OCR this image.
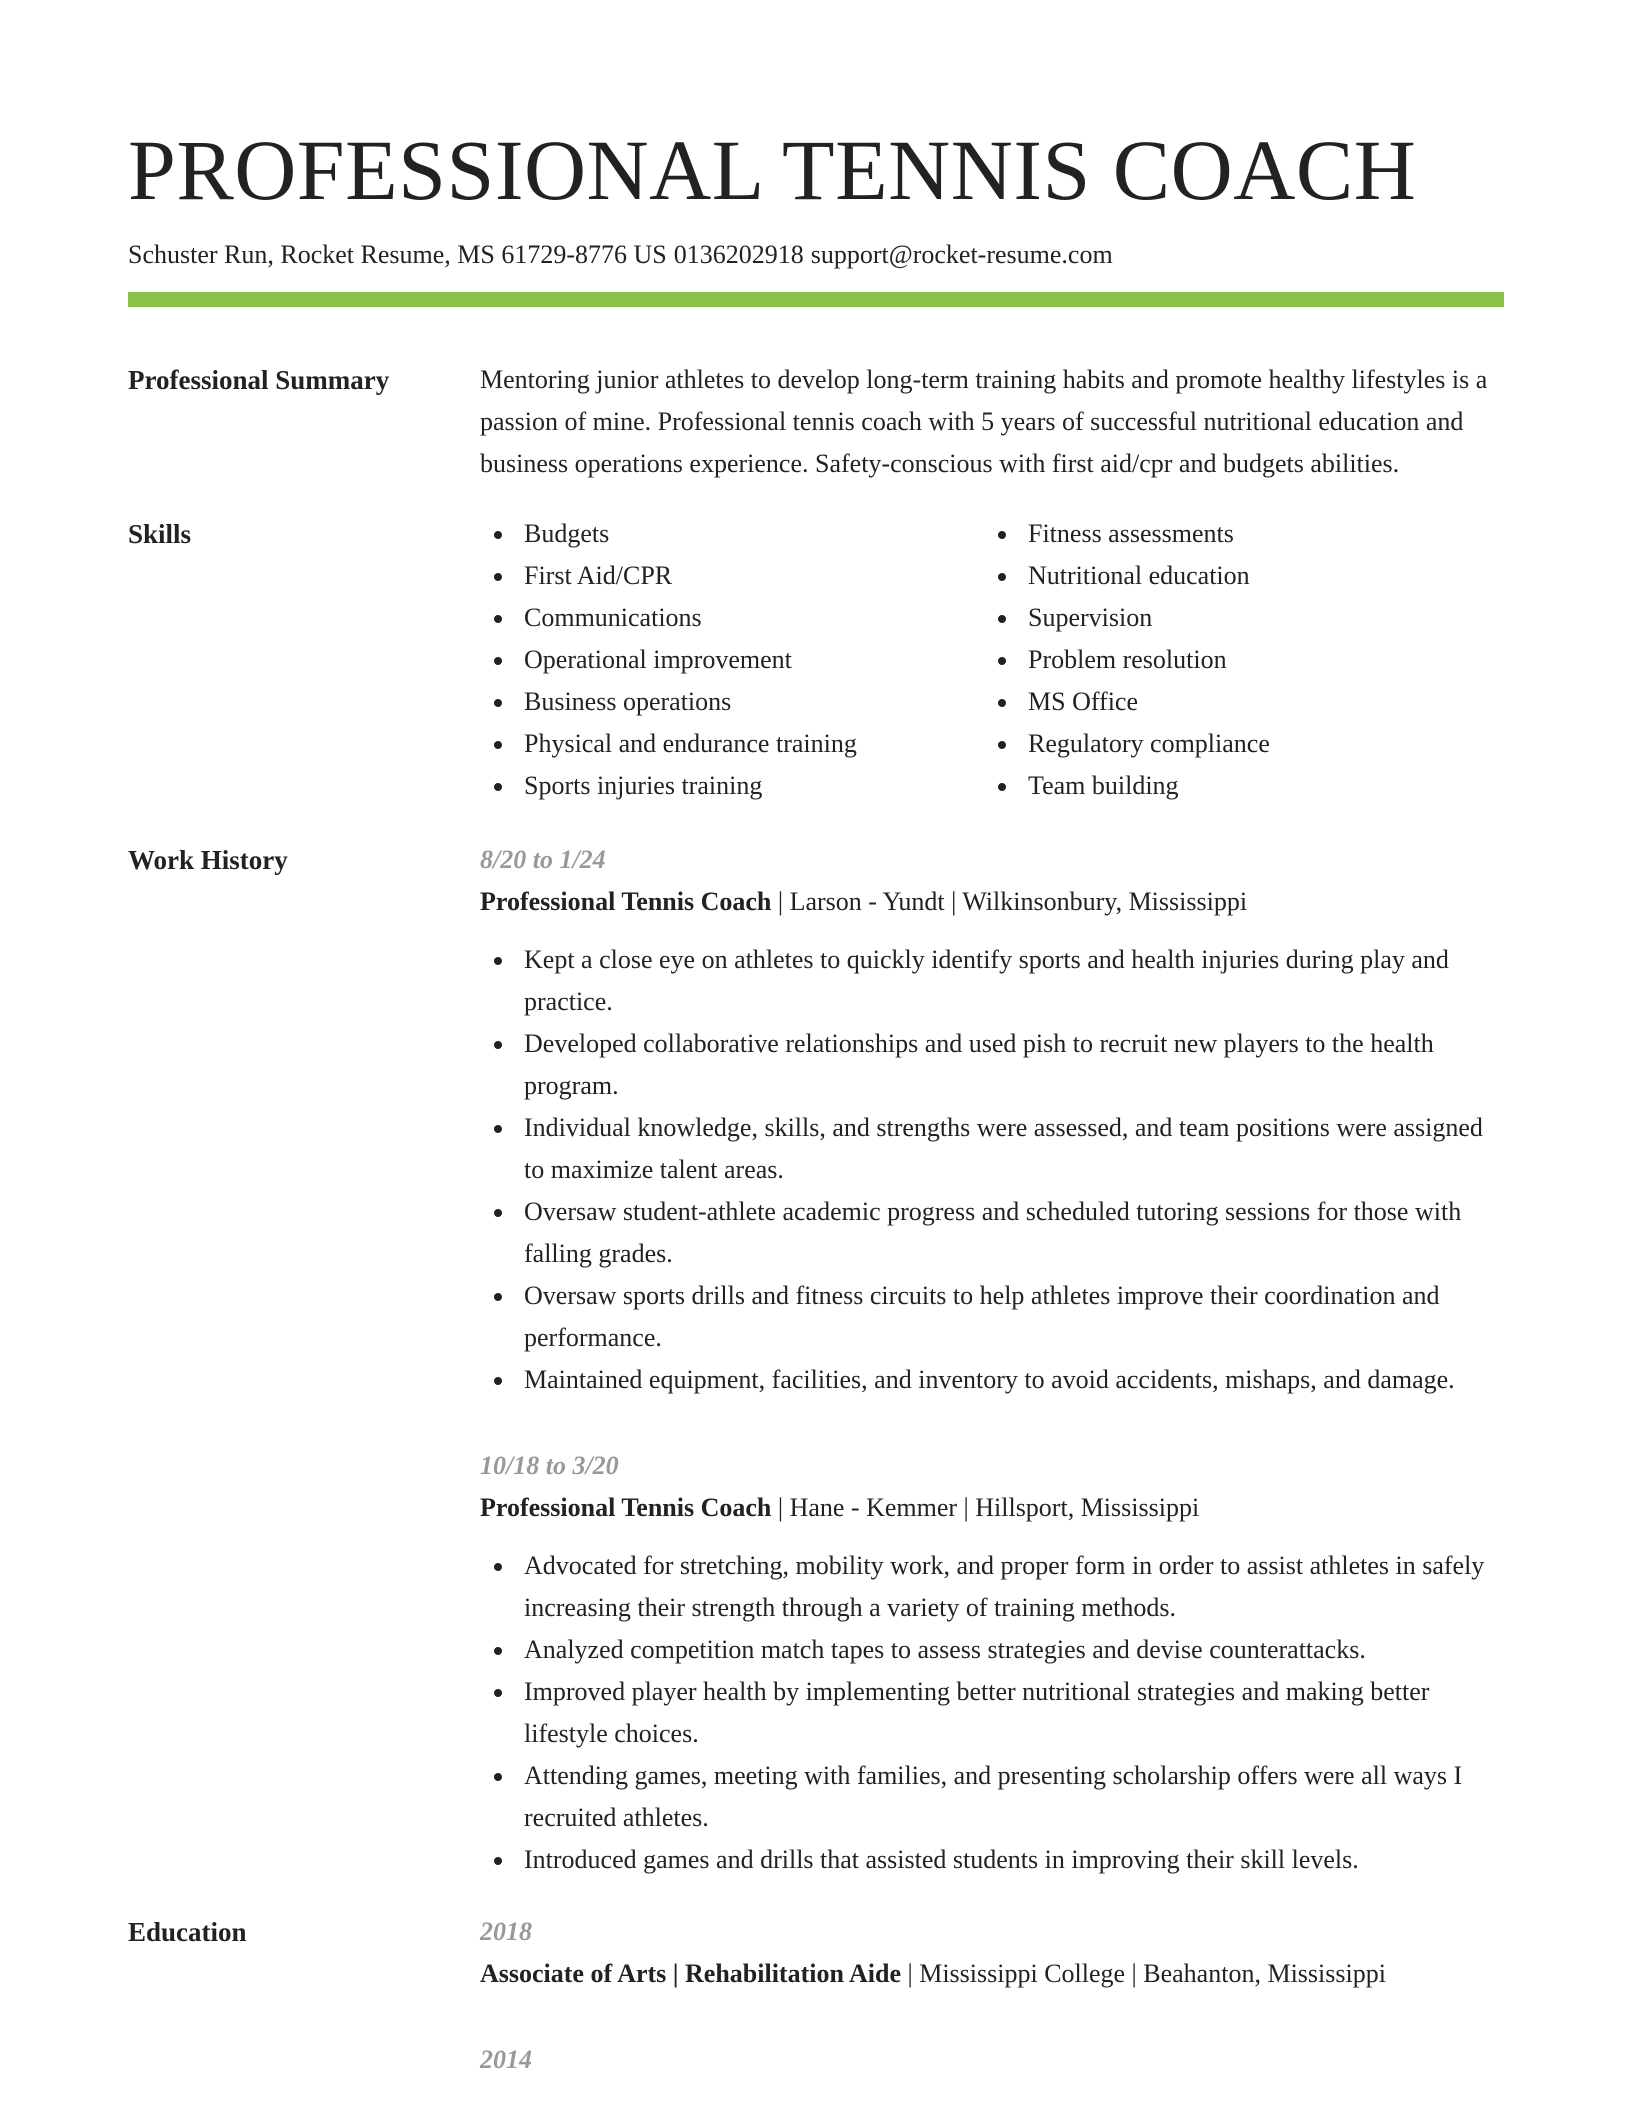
PROFESSIONAL TENNIS COACH
Schuster Run, Rocket Resume, MS 61729-8776 US 0136202918 support@rocket-resume.com
Professional Summary	Mentoring junior athletes to develop long-term training habits and promote healthy lifestyles is a passion of mine. Professional tennis coach with 5 years of successful nutritional education and business operations experience. Safety-conscious with first aid/cpr and budgets abilities.
Skills	Budgets
First Aid/CPR
Communications
Operational improvement
Business operations
Physical and endurance training
Sports injuries training
Fitness assessments
Nutritional education
Supervision
Problem resolution
MS Office
Regulatory compliance
Team building
Work History	8/20 to 1/24
Professional Tennis Coach | Larson - Yundt | Wilkinsonbury, Mississippi
Kept a close eye on athletes to quickly identify sports and health injuries during play and practice.
Developed collaborative relationships and used pish to recruit new players to the health program.
Individual knowledge, skills, and strengths were assessed, and team positions were assigned to maximize talent areas.
Oversaw student-athlete academic progress and scheduled tutoring sessions for those with falling grades.
Oversaw sports drills and fitness circuits to help athletes improve their coordination and performance.
Maintained equipment, facilities, and inventory to avoid accidents, mishaps, and damage.
10/18 to 3/20
Professional Tennis Coach | Hane - Kemmer | Hillsport, Mississippi
Advocated for stretching, mobility work, and proper form in order to assist athletes in safely increasing their strength through a variety of training methods.
Analyzed competition match tapes to assess strategies and devise counterattacks.
Improved player health by implementing better nutritional strategies and making better lifestyle choices.
Attending games, meeting with families, and presenting scholarship offers were all ways I recruited athletes.
Introduced games and drills that assisted students in improving their skill levels.
Education	2018
Associate of Arts | Rehabilitation Aide | Mississippi College | Beahanton, Mississippi
2014
